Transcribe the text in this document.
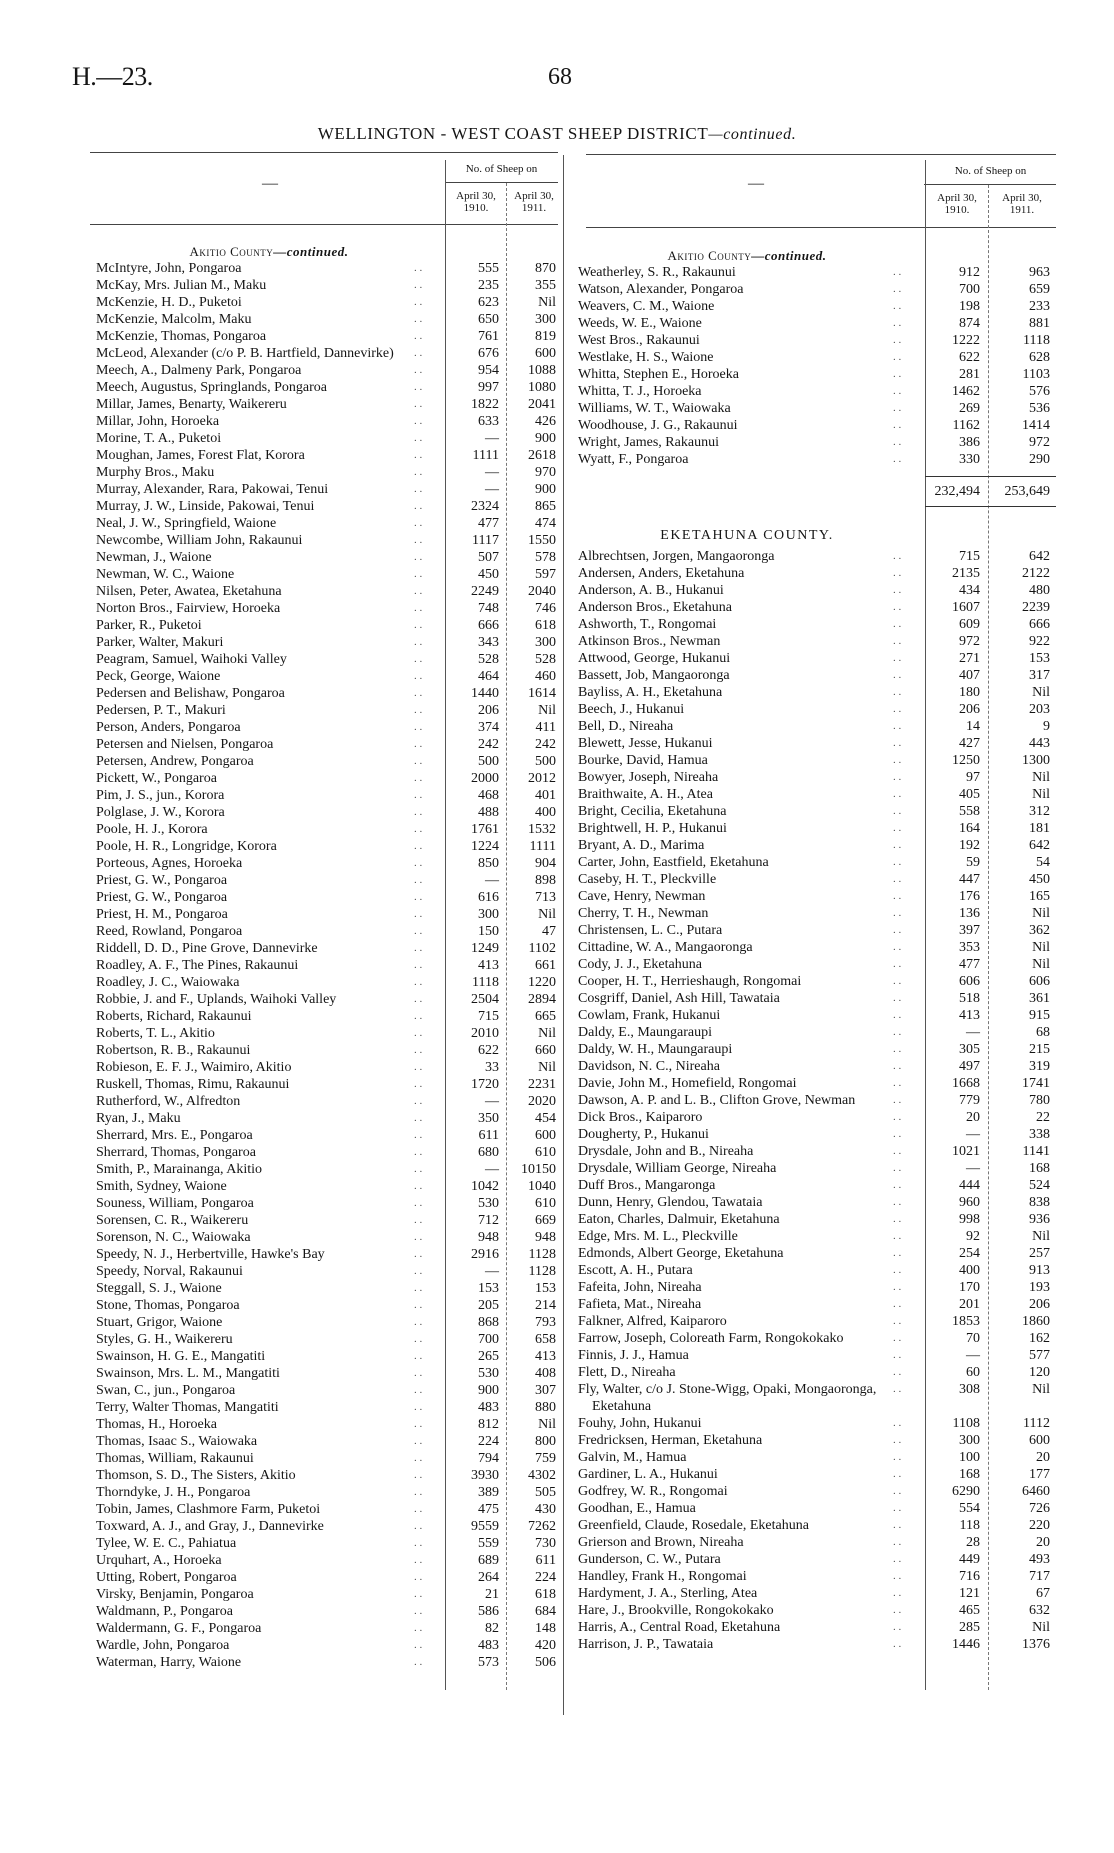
H.—23.	68
WELLINGTON - WEST COAST SHEEP DISTRICT—continued.
—	—
No. of Sheep on	No. of Sheep on
April 30, 1910.
April 30, 1911.
April 30, 1910.
April 30, 1911.
Akitio County—continued.
McIntyre, John, Pongaroa	. .	555	870
McKay, Mrs. Julian M., Maku	. .	235	355
McKenzie, H. D., Puketoi	. .	623	Nil
McKenzie, Malcolm, Maku	. .	650	300
McKenzie, Thomas, Pongaroa	. .	761	819
McLeod, Alexander (c/o P. B. Hartfield, Dannevirke)	. .	676	600
Meech, A., Dalmeny Park, Pongaroa	. .	954	1088
Meech, Augustus, Springlands, Pongaroa	. .	997	1080
Millar, James, Benarty, Waikereru	. .	1822	2041
Millar, John, Horoeka	. .	633	426
Morine, T. A., Puketoi	. .	—	900
Moughan, James, Forest Flat, Korora	. .	1111	2618
Murphy Bros., Maku	. .	—	970
Murray, Alexander, Rara, Pakowai, Tenui	. .	—	900
Murray, J. W., Linside, Pakowai, Tenui	. .	2324	865
Neal, J. W., Springfield, Waione	. .	477	474
Newcombe, William John, Rakaunui	. .	1117	1550
Newman, J., Waione	. .	507	578
Newman, W. C., Waione	. .	450	597
Nilsen, Peter, Awatea, Eketahuna	. .	2249	2040
Norton Bros., Fairview, Horoeka	. .	748	746
Parker, R., Puketoi	. .	666	618
Parker, Walter, Makuri	. .	343	300
Peagram, Samuel, Waihoki Valley	. .	528	528
Peck, George, Waione	. .	464	460
Pedersen and Belishaw, Pongaroa	. .	1440	1614
Pedersen, P. T., Makuri	. .	206	Nil
Person, Anders, Pongaroa	. .	374	411
Petersen and Nielsen, Pongaroa	. .	242	242
Petersen, Andrew, Pongaroa	. .	500	500
Pickett, W., Pongaroa	. .	2000	2012
Pim, J. S., jun., Korora	. .	468	401
Polglase, J. W., Korora	. .	488	400
Poole, H. J., Korora	. .	1761	1532
Poole, H. R., Longridge, Korora	. .	1224	1111
Porteous, Agnes, Horoeka	. .	850	904
Priest, G. W., Pongaroa	. .	—	898
Priest, G. W., Pongaroa	. .	616	713
Priest, H. M., Pongaroa	. .	300	Nil
Reed, Rowland, Pongaroa	. .	150	47
Riddell, D. D., Pine Grove, Dannevirke	. .	1249	1102
Roadley, A. F., The Pines, Rakaunui	. .	413	661
Roadley, J. C., Waiowaka	. .	1118	1220
Robbie, J. and F., Uplands, Waihoki Valley	. .	2504	2894
Roberts, Richard, Rakaunui	. .	715	665
Roberts, T. L., Akitio	. .	2010	Nil
Robertson, R. B., Rakaunui	. .	622	660
Robieson, E. F. J., Waimiro, Akitio	. .	33	Nil
Ruskell, Thomas, Rimu, Rakaunui	. .	1720	2231
Rutherford, W., Alfredton	. .	—	2020
Ryan, J., Maku	. .	350	454
Sherrard, Mrs. E., Pongaroa	. .	611	600
Sherrard, Thomas, Pongaroa	. .	680	610
Smith, P., Marainanga, Akitio	. .	—	10150
Smith, Sydney, Waione	. .	1042	1040
Souness, William, Pongaroa	. .	530	610
Sorensen, C. R., Waikereru	. .	712	669
Sorenson, N. C., Waiowaka	. .	948	948
Speedy, N. J., Herbertville, Hawke's Bay	. .	2916	1128
Speedy, Norval, Rakaunui	. .	—	1128
Steggall, S. J., Waione	. .	153	153
Stone, Thomas, Pongaroa	. .	205	214
Stuart, Grigor, Waione	. .	868	793
Styles, G. H., Waikereru	. .	700	658
Swainson, H. G. E., Mangatiti	. .	265	413
Swainson, Mrs. L. M., Mangatiti	. .	530	408
Swan, C., jun., Pongaroa	. .	900	307
Terry, Walter Thomas, Mangatiti	. .	483	880
Thomas, H., Horoeka	. .	812	Nil
Thomas, Isaac S., Waiowaka	. .	224	800
Thomas, William, Rakaunui	. .	794	759
Thomson, S. D., The Sisters, Akitio	. .	3930	4302
Thorndyke, J. H., Pongaroa	. .	389	505
Tobin, James, Clashmore Farm, Puketoi	. .	475	430
Toxward, A. J., and Gray, J., Dannevirke	. .	9559	7262
Tylee, W. E. C., Pahiatua	. .	559	730
Urquhart, A., Horoeka	. .	689	611
Utting, Robert, Pongaroa	. .	264	224
Virsky, Benjamin, Pongaroa	. .	21	618
Waldmann, P., Pongaroa	. .	586	684
Waldermann, G. F., Pongaroa	. .	82	148
Wardle, John, Pongaroa	. .	483	420
Waterman, Harry, Waione	. .	573	506
Akitio County—continued.
Weatherley, S. R., Rakaunui	. .	912	963
Watson, Alexander, Pongaroa	. .	700	659
Weavers, C. M., Waione	. .	198	233
Weeds, W. E., Waione	. .	874	881
West Bros., Rakaunui	. .	1222	1118
Westlake, H. S., Waione	. .	622	628
Whitta, Stephen E., Horoeka	. .	281	1103
Whitta, T. J., Horoeka	. .	1462	576
Williams, W. T., Waiowaka	. .	269	536
Woodhouse, J. G., Rakaunui	. .	1162	1414
Wright, James, Rakaunui	. .	386	972
Wyatt, F., Pongaroa	. .	330	290
232,494	253,649
EKETAHUNA COUNTY.
Albrechtsen, Jorgen, Mangaoronga	. .	715	642
Andersen, Anders, Eketahuna	. .	2135	2122
Anderson, A. B., Hukanui	. .	434	480
Anderson Bros., Eketahuna	. .	1607	2239
Ashworth, T., Rongomai	. .	609	666
Atkinson Bros., Newman	. .	972	922
Attwood, George, Hukanui	. .	271	153
Bassett, Job, Mangaoronga	. .	407	317
Bayliss, A. H., Eketahuna	. .	180	Nil
Beech, J., Hukanui	. .	206	203
Bell, D., Nireaha	. .	14	9
Blewett, Jesse, Hukanui	. .	427	443
Bourke, David, Hamua	. .	1250	1300
Bowyer, Joseph, Nireaha	. .	97	Nil
Braithwaite, A. H., Atea	. .	405	Nil
Bright, Cecilia, Eketahuna	. .	558	312
Brightwell, H. P., Hukanui	. .	164	181
Bryant, A. D., Marima	. .	192	642
Carter, John, Eastfield, Eketahuna	. .	59	54
Caseby, H. T., Pleckville	. .	447	450
Cave, Henry, Newman	. .	176	165
Cherry, T. H., Newman	. .	136	Nil
Christensen, L. C., Putara	. .	397	362
Cittadine, W. A., Mangaoronga	. .	353	Nil
Cody, J. J., Eketahuna	. .	477	Nil
Cooper, H. T., Herrieshaugh, Rongomai	. .	606	606
Cosgriff, Daniel, Ash Hill, Tawataia	. .	518	361
Cowlam, Frank, Hukanui	. .	413	915
Daldy, E., Maungaraupi	. .	—	68
Daldy, W. H., Maungaraupi	. .	305	215
Davidson, N. C., Nireaha	. .	497	319
Davie, John M., Homefield, Rongomai	. .	1668	1741
Dawson, A. P. and L. B., Clifton Grove, Newman	. .	779	780
Dick Bros., Kaiparoro	. .	20	22
Dougherty, P., Hukanui	. .	—	338
Drysdale, John and B., Nireaha	. .	1021	1141
Drysdale, William George, Nireaha	. .	—	168
Duff Bros., Mangaronga	. .	444	524
Dunn, Henry, Glendou, Tawataia	. .	960	838
Eaton, Charles, Dalmuir, Eketahuna	. .	998	936
Edge, Mrs. M. L., Pleckville	. .	92	Nil
Edmonds, Albert George, Eketahuna	. .	254	257
Escott, A. H., Putara	. .	400	913
Fafeita, John, Nireaha	. .	170	193
Fafieta, Mat., Nireaha	. .	201	206
Falkner, Alfred, Kaiparoro	. .	1853	1860
Farrow, Joseph, Coloreath Farm, Rongokokako	. .	70	162
Finnis, J. J., Hamua	. .	—	577
Flett, D., Nireaha	. .	60	120
Fly, Walter, c/o J. Stone-Wigg, Opaki, Mongaoronga, Eketahuna
. .	308	Nil
Fouhy, John, Hukanui	. .	1108	1112
Fredricksen, Herman, Eketahuna	. .	300	600
Galvin, M., Hamua	. .	100	20
Gardiner, L. A., Hukanui	. .	168	177
Godfrey, W. R., Rongomai	. .	6290	6460
Goodhan, E., Hamua	. .	554	726
Greenfield, Claude, Rosedale, Eketahuna	. .	118	220
Grierson and Brown, Nireaha	. .	28	20
Gunderson, C. W., Putara	. .	449	493
Handley, Frank H., Rongomai	. .	716	717
Hardyment, J. A., Sterling, Atea	. .	121	67
Hare, J., Brookville, Rongokokako	. .	465	632
Harris, A., Central Road, Eketahuna	. .	285	Nil
Harrison, J. P., Tawataia	. .	1446	1376
